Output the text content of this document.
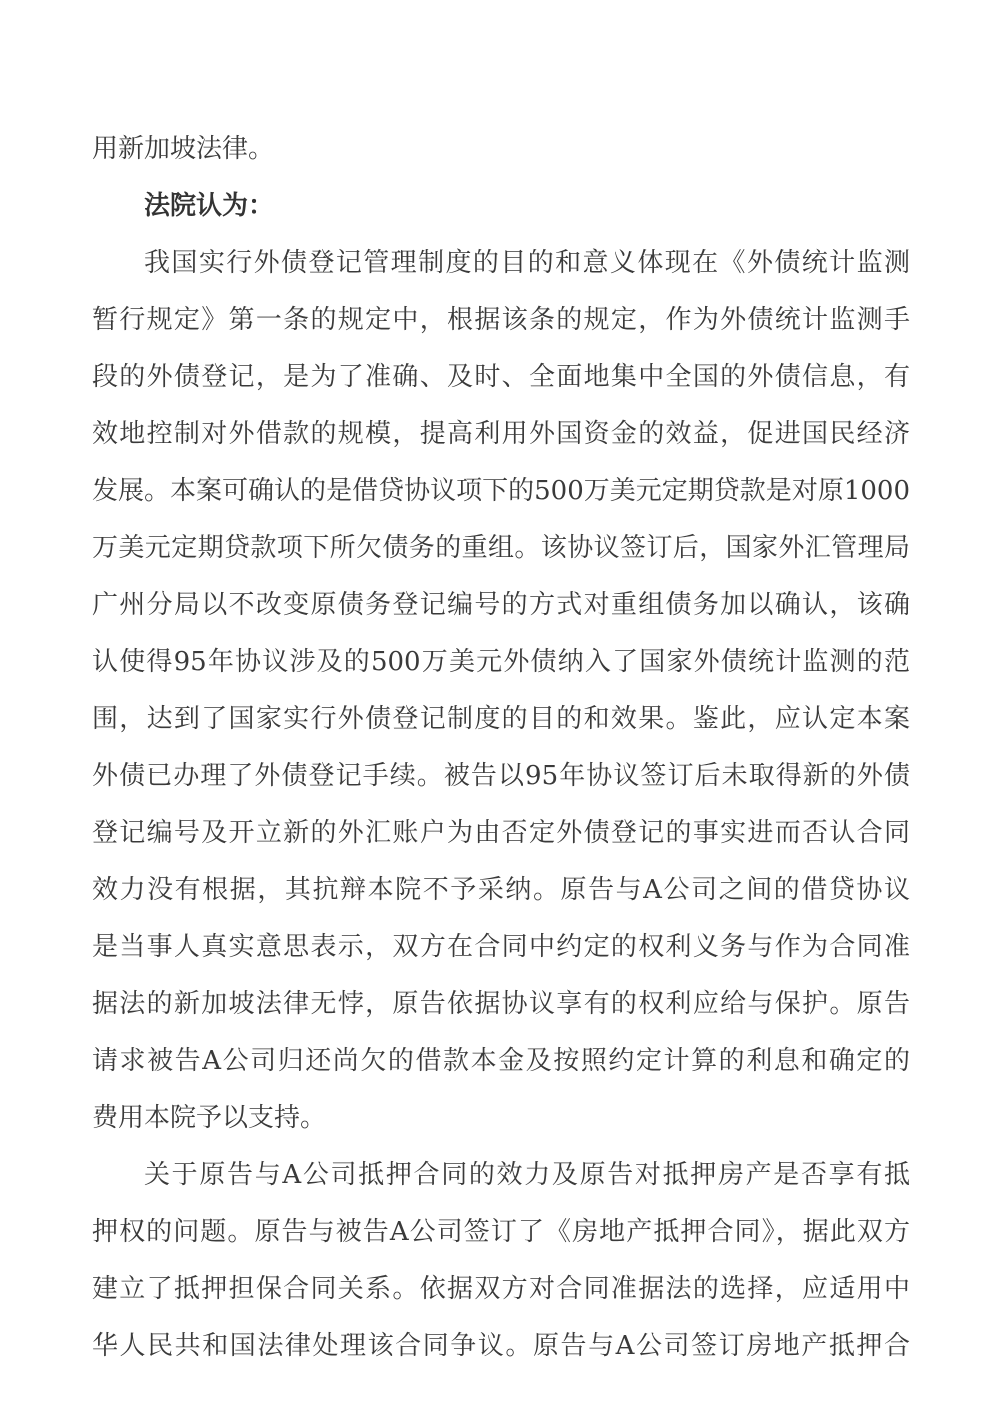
用新加坡法律。
法院认为：
我国实行外债登记管理制度的目的和意义体现在《外债统计监测
暂行规定》第一条的规定中，根据该条的规定，作为外债统计监测手
段的外债登记，是为了准确、及时、全面地集中全国的外债信息，有
效地控制对外借款的规模，提高利用外国资金的效益，促进国民经济
发展。本案可确认的是借贷协议项下的500万美元定期贷款是对原1000
万美元定期贷款项下所欠债务的重组。该协议签订后，国家外汇管理局
广州分局以不改变原债务登记编号的方式对重组债务加以确认，该确
认使得95年协议涉及的500万美元外债纳入了国家外债统计监测的范
围，达到了国家实行外债登记制度的目的和效果。鉴此，应认定本案
外债已办理了外债登记手续。被告以95年协议签订后未取得新的外债
登记编号及开立新的外汇账户为由否定外债登记的事实进而否认合同
效力没有根据，其抗辩本院不予采纳。原告与A公司之间的借贷协议
是当事人真实意思表示，双方在合同中约定的权利义务与作为合同准
据法的新加坡法律无悖，原告依据协议享有的权利应给与保护。原告
请求被告A公司归还尚欠的借款本金及按照约定计算的利息和确定的
费用本院予以支持。
关于原告与A公司抵押合同的效力及原告对抵押房产是否享有抵
押权的问题。原告与被告A公司签订了《房地产抵押合同》，据此双方
建立了抵押担保合同关系。依据双方对合同准据法的选择，应适用中
华人民共和国法律处理该合同争议。原告与A公司签订房地产抵押合
